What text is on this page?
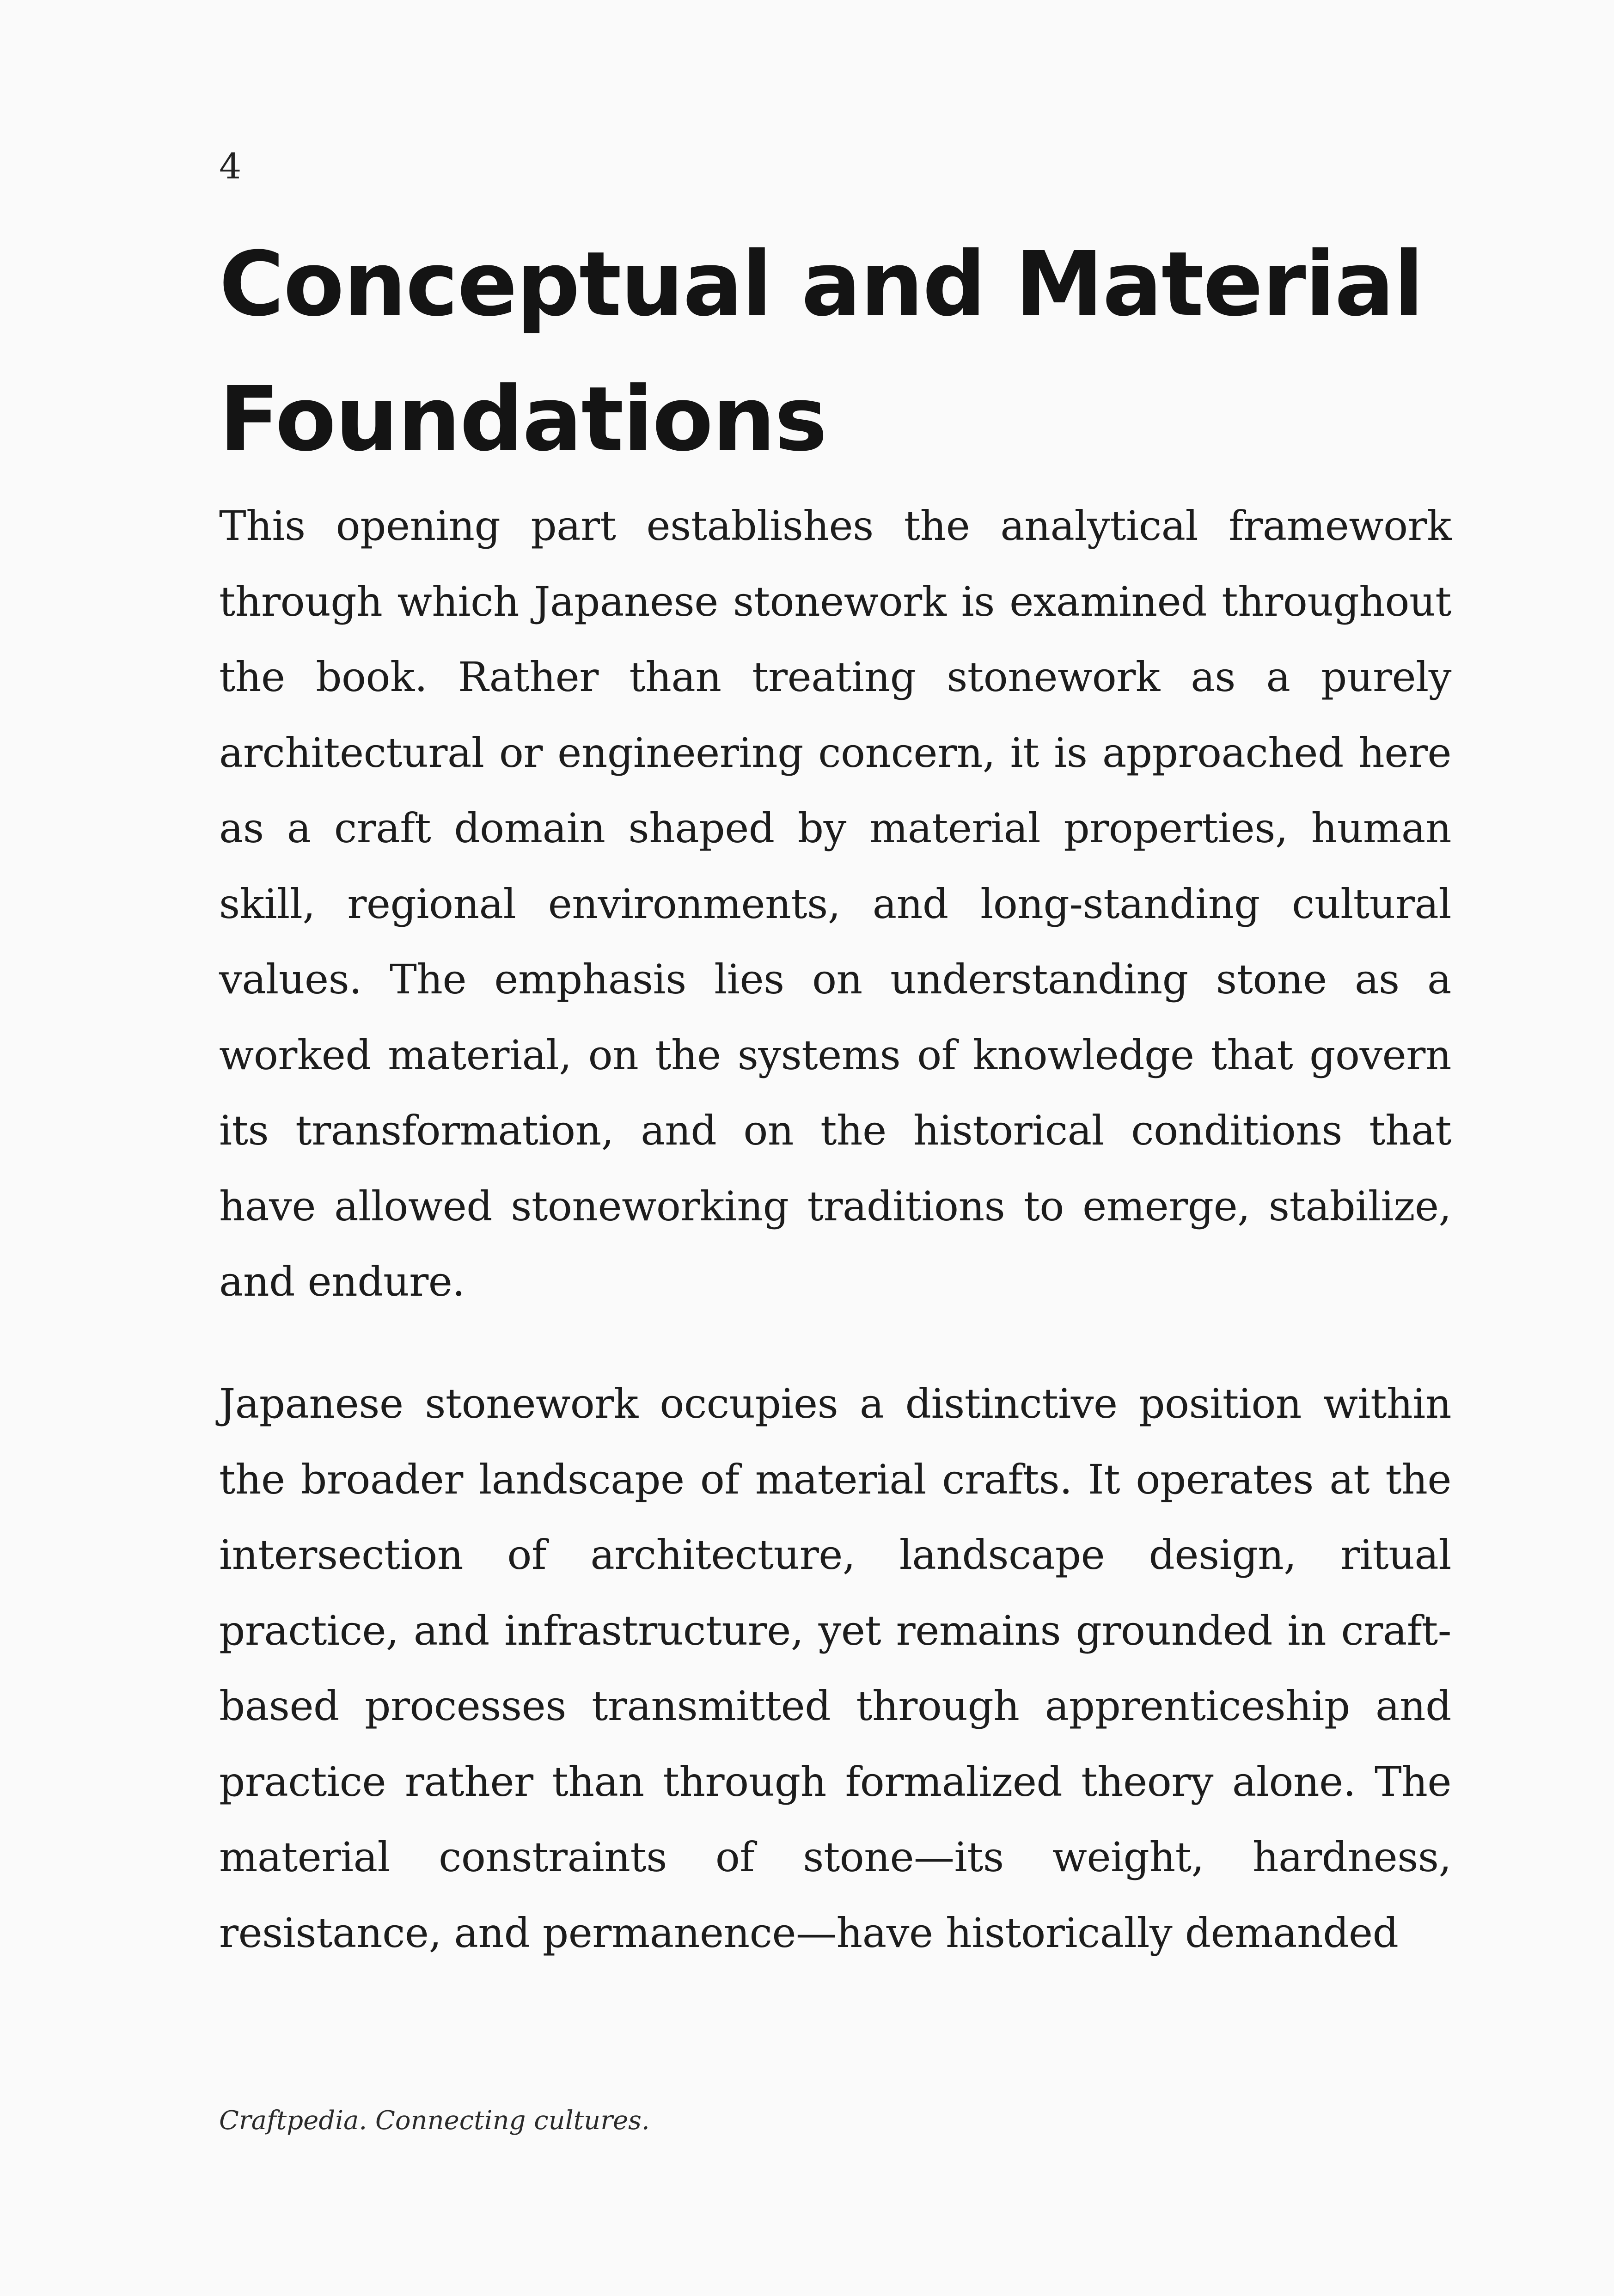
4
Conceptual and Material
Foundations

This opening part establishes the analytical framework through which Japanese stonework is examined throughout the book. Rather than treating stonework as a purely architectural or engineering concern, it is approached here as a craft domain shaped by material properties, human skill, regional environments, and long-standing cultural values. The emphasis lies on understanding stone as a worked material, on the systems of knowledge that govern its transformation, and on the historical conditions that have allowed stoneworking traditions to emerge, stabilize, and endure.

Japanese stonework occupies a distinctive position within the broader landscape of material crafts. It operates at the intersection of architecture, landscape design, ritual practice, and infrastructure, yet remains grounded in craft-based processes transmitted through apprenticeship and practice rather than through formalized theory alone. The material constraints of stone—its weight, hardness, resistance, and permanence—have historically demanded

Craftpedia. Connecting cultures.
